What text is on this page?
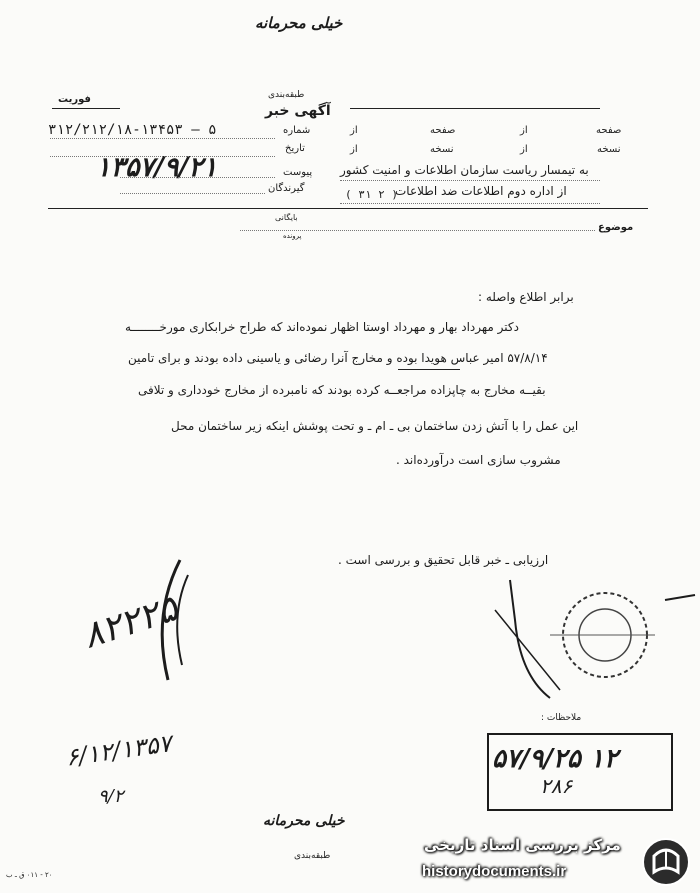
خیلی محرمانه
طبقه‌بندی
آگهی خبر
فوریت
شماره
تاریخ
پیوست
گیرندگان
۳۱۲/۲۱۲/۱۸-۱۳۴۵۳ — ۵
۱۳۵۷/۹/۲۱
صفحه
از
صفحه
از
نسخه
از
نسخه
از
به تیمسار ریاست سازمان اطلاعات و امنیت کشور
از اداره دوم اطلاعات ضد اطلاعات
( ۳۱ ۲ )
بایگانی
پرونده
موضوع
برابر اطلاع واصله :
دکتر مهرداد بهار و مهرداد اوستا اظهار نموده‌اند که طراح خرابکاری مورخــــــــه
۵۷/۸/۱۴ امیر عباس هویدا بوده و مخارج آنرا رضائی و یاسینی داده‌ بودند و برای تامین
بقیــه مخارج به چاپزاده مراجعــه کرده بودند که نامبرده از مخارج خودداری و تلافی
این عمل را با آتش زدن ساختمان بی ـ ام ـ و تحت پوشش اینکه زیر ساختمان محل
مشروب سازی است درآورده‌اند .
ارزیابی ـ خبر قابل تحقیق و بررسی است .
۸۲۲۲۵
۶/۱۲/۱۳۵۷
۹/۲
ملاحظات :
۵۷/۹/۲۵ ۱۲
۲۸۶
خیلی محرمانه
طبقه‌بندی
۲۰ - ۰۱۱ ق ـ ب
مرکز بررسی اسناد تاریخی
historydocuments.ir
